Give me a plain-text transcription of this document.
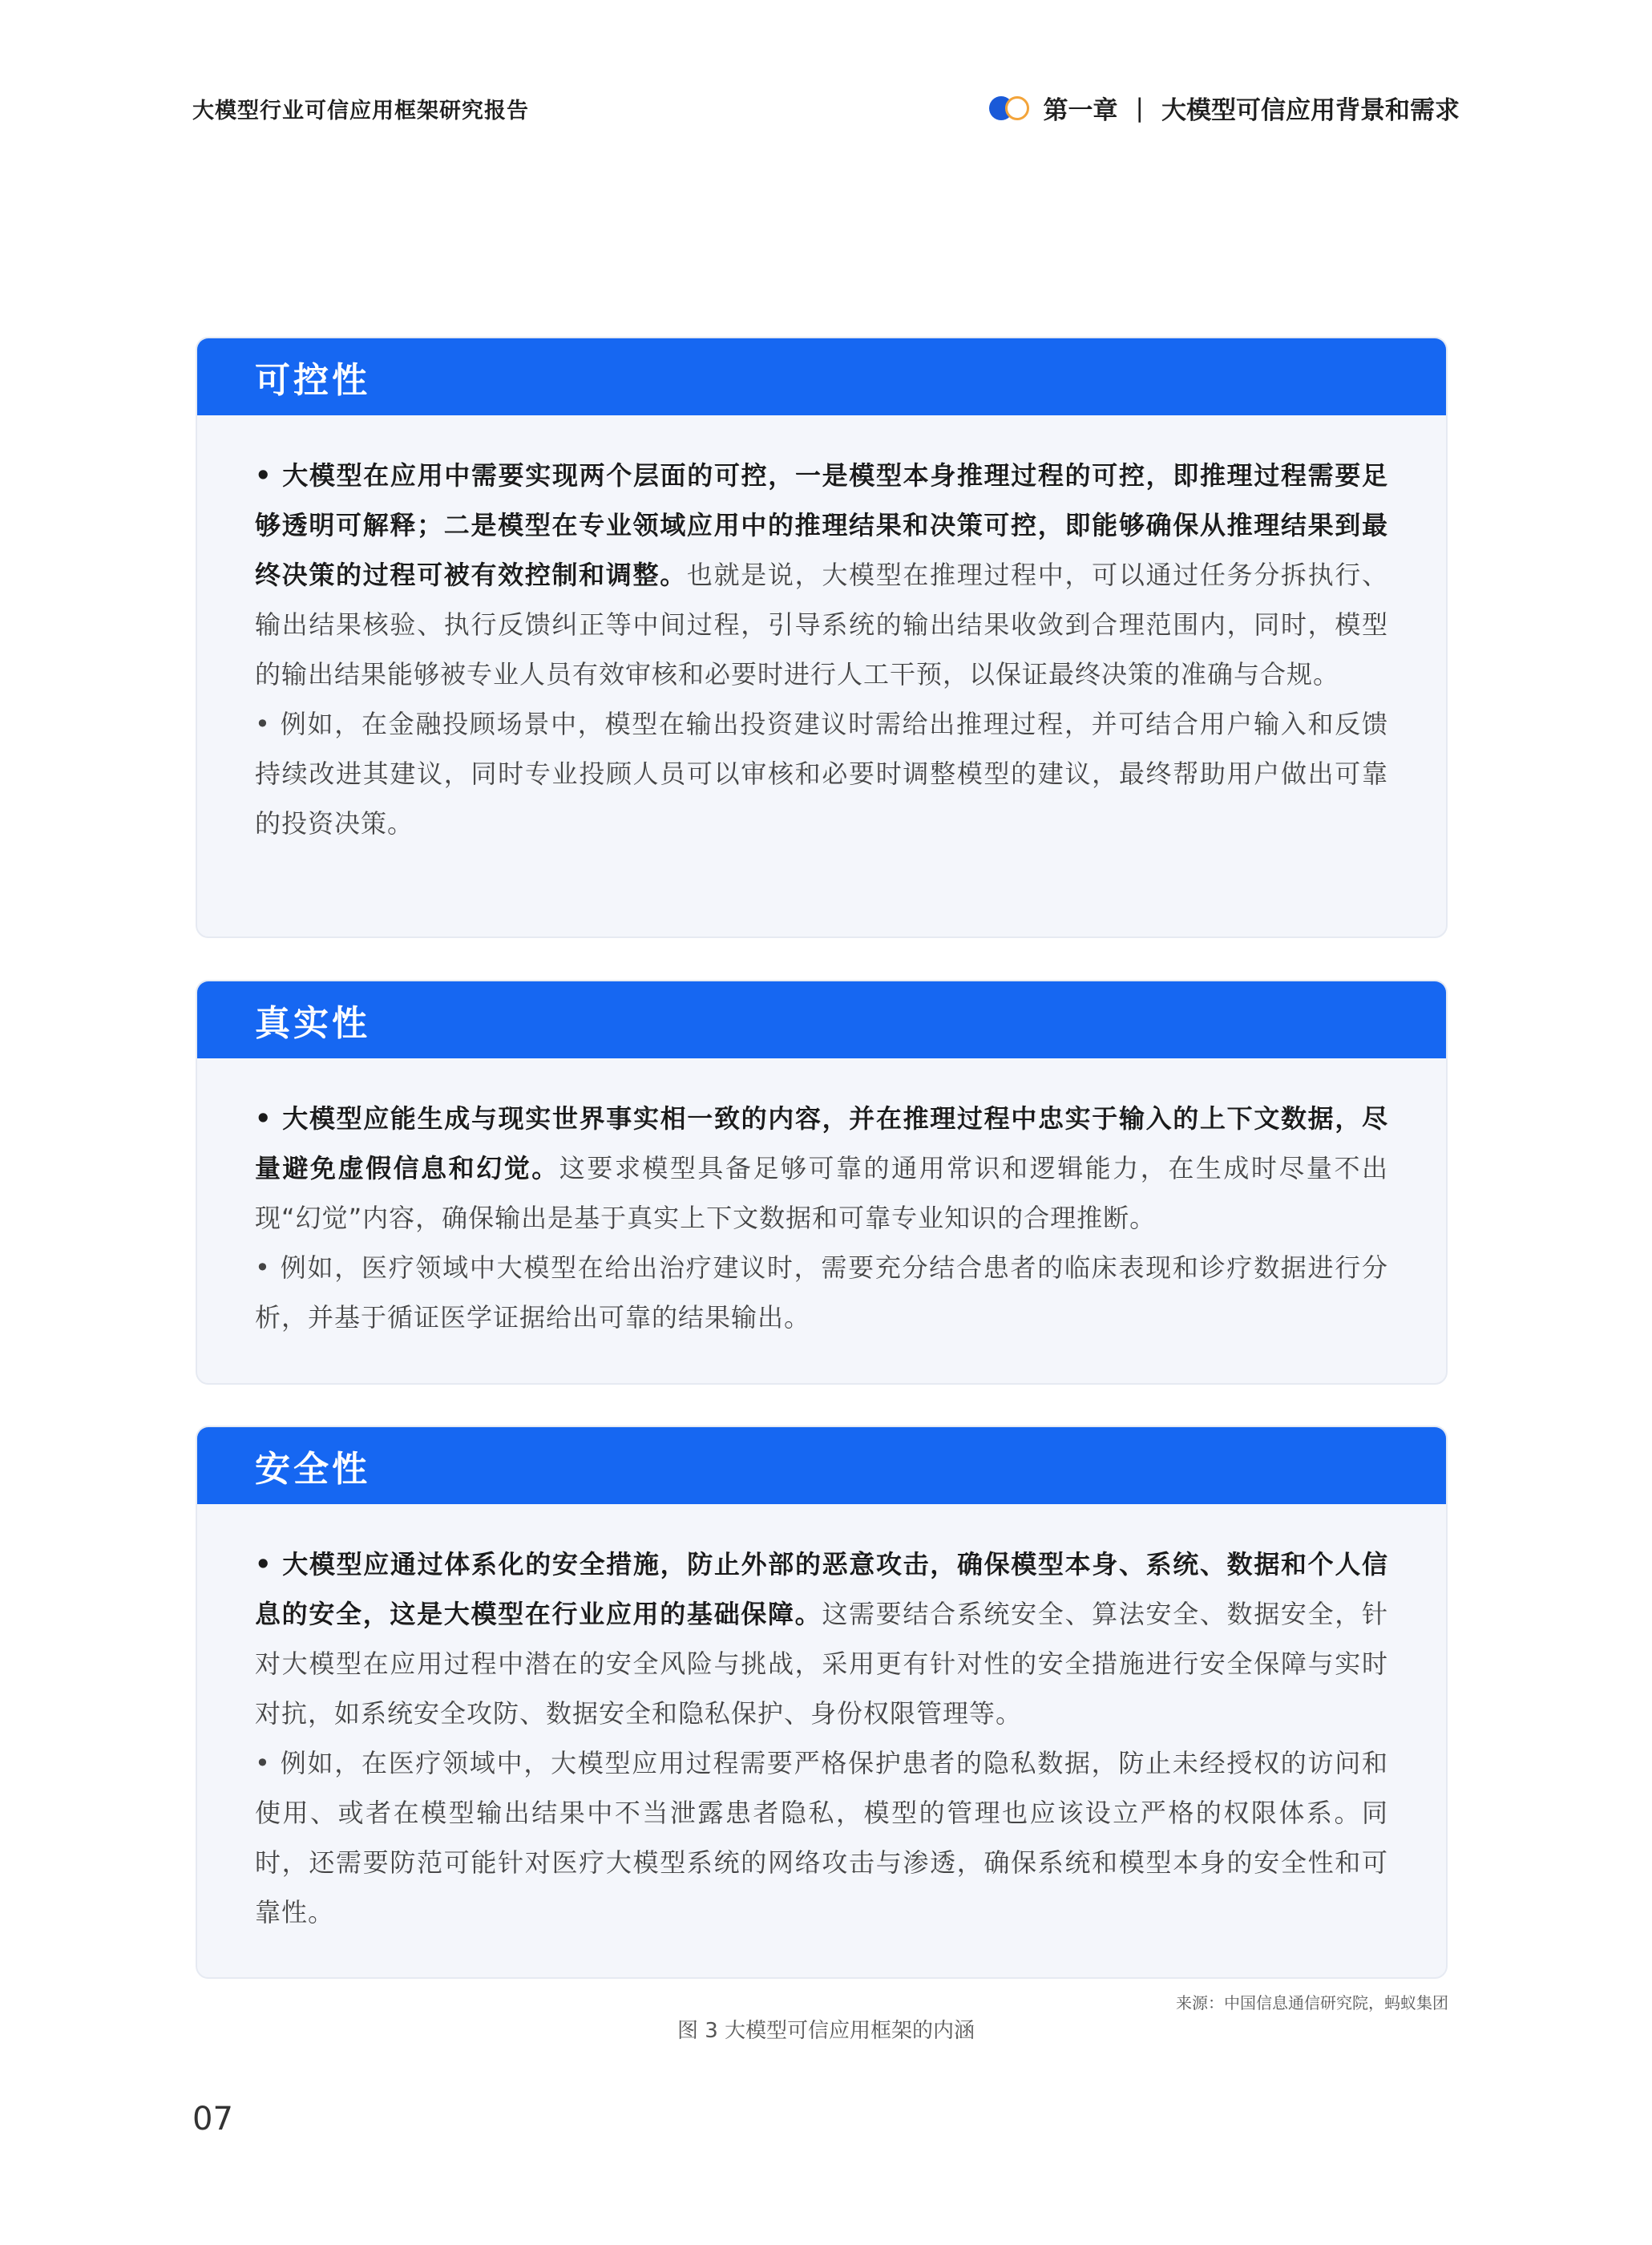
大模型行业可信应用框架研究报告	第一章 | 大模型可信应用背景和需求
可控性

• 大模型在应用中需要实现两个层面的可控，一是模型本身推理过程的可控，即推理过程需要足够透明可解释；二是模型在专业领域应用中的推理结果和决策可控，即能够确保从推理结果到最终决策的过程可被有效控制和调整。也就是说，大模型在推理过程中，可以通过任务分拆执行、输出结果核验、执行反馈纠正等中间过程，引导系统的输出结果收敛到合理范围内，同时，模型的输出结果能够被专业人员有效审核和必要时进行人工干预，以保证最终决策的准确与合规。

• 例如，在金融投顾场景中，模型在输出投资建议时需给出推理过程，并可结合用户输入和反馈持续改进其建议，同时专业投顾人员可以审核和必要时调整模型的建议，最终帮助用户做出可靠的投资决策。

真实性

• 大模型应能生成与现实世界事实相一致的内容，并在推理过程中忠实于输入的上下文数据，尽量避免虚假信息和幻觉。这要求模型具备足够可靠的通用常识和逻辑能力，在生成时尽量不出现“幻觉”内容，确保输出是基于真实上下文数据和可靠专业知识的合理推断。

• 例如，医疗领域中大模型在给出治疗建议时，需要充分结合患者的临床表现和诊疗数据进行分析，并基于循证医学证据给出可靠的结果输出。

安全性

• 大模型应通过体系化的安全措施，防止外部的恶意攻击，确保模型本身、系统、数据和个人信息的安全，这是大模型在行业应用的基础保障。这需要结合系统安全、算法安全、数据安全，针对大模型在应用过程中潜在的安全风险与挑战，采用更有针对性的安全措施进行安全保障与实时对抗，如系统安全攻防、数据安全和隐私保护、身份权限管理等。

• 例如，在医疗领域中，大模型应用过程需要严格保护患者的隐私数据，防止未经授权的访问和使用、或者在模型输出结果中不当泄露患者隐私，模型的管理也应该设立严格的权限体系。同时，还需要防范可能针对医疗大模型系统的网络攻击与渗透，确保系统和模型本身的安全性和可靠性。

来源：中国信息通信研究院，蚂蚁集团
图 3 大模型可信应用框架的内涵
07
